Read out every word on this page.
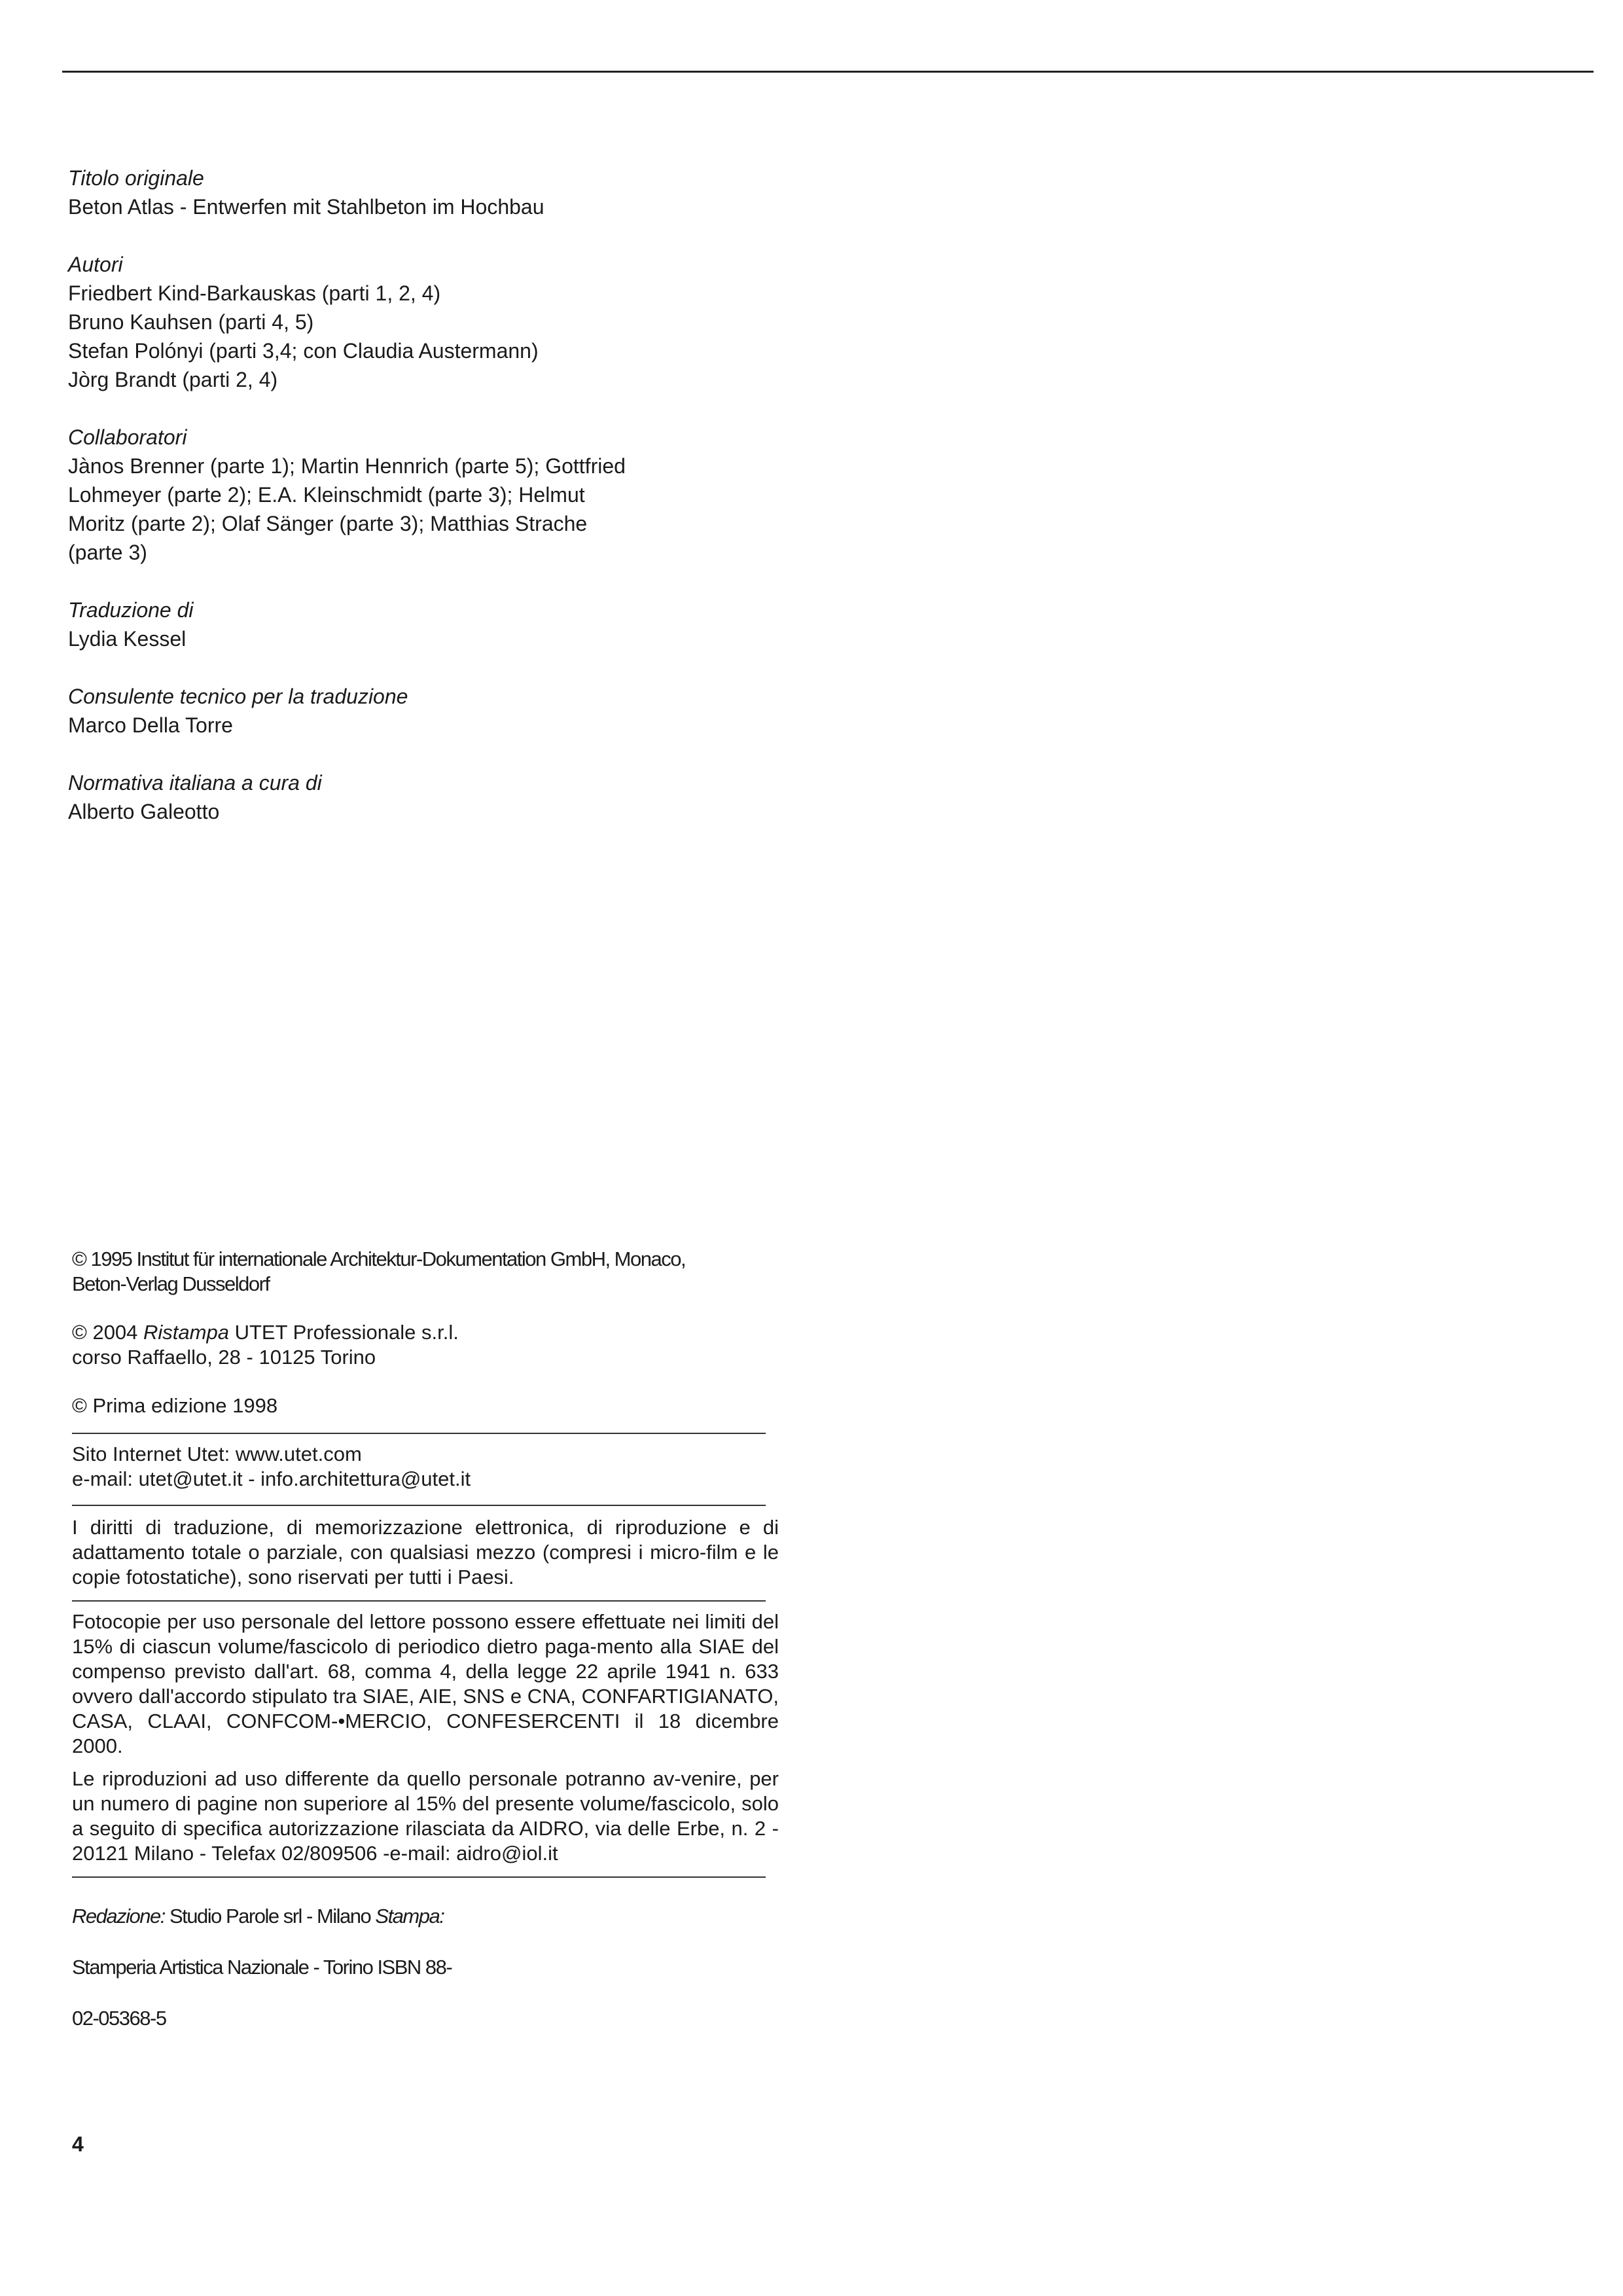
Titolo originale
Beton Atlas - Entwerfen mit Stahlbeton im Hochbau
Autori
Friedbert Kind-Barkauskas (parti 1, 2, 4)
Bruno Kauhsen (parti 4, 5)
Stefan Polónyi (parti 3,4; con Claudia Austermann)
Jòrg Brandt (parti 2, 4)
Collaboratori
Jànos Brenner (parte 1); Martin Hennrich (parte 5); Gottfried
Lohmeyer (parte 2); E.A. Kleinschmidt (parte 3); Helmut
Moritz (parte 2); Olaf Sänger (parte 3); Matthias Strache
(parte 3)
Traduzione di
Lydia Kessel
Consulente tecnico per la traduzione
Marco Della Torre
Normativa italiana a cura di
Alberto Galeotto

© 1995 Institut für internationale Architektur-Dokumentation GmbH, Monaco,

Beton-Verlag Dusseldorf

© 2004 Ristampa UTET Professionale s.r.l.

corso Raffaello, 28 - 10125 Torino

© Prima edizione 1998

Sito Internet Utet: www.utet.com

e-mail: utet@utet.it - info.architettura@utet.it

I diritti di traduzione, di memorizzazione elettronica, di riproduzione e di adattamento totale o parziale, con qualsiasi mezzo (compresi i micro-film e le copie fotostatiche), sono riservati per tutti i Paesi.

Fotocopie per uso personale del lettore possono essere effettuate nei limiti del 15% di ciascun volume/fascicolo di periodico dietro paga-mento alla SIAE del compenso previsto dall'art. 68, comma 4, della legge 22 aprile 1941 n. 633 ovvero dall'accordo stipulato tra SIAE, AIE, SNS e CNA, CONFARTIGIANATO, CASA, CLAAI, CONFCOM-•MERCIO, CONFESERCENTI il 18 dicembre 2000.

Le riproduzioni ad uso differente da quello personale potranno av-venire, per un numero di pagine non superiore al 15% del presente volume/fascicolo, solo a seguito di specifica autorizzazione rilasciata da AIDRO, via delle Erbe, n. 2 - 20121 Milano - Telefax 02/809506 -e-mail: aidro@iol.it

Redazione: Studio Parole srl - Milano Stampa:

Stamperia Artistica Nazionale - Torino ISBN 88-

02-05368-5

4
